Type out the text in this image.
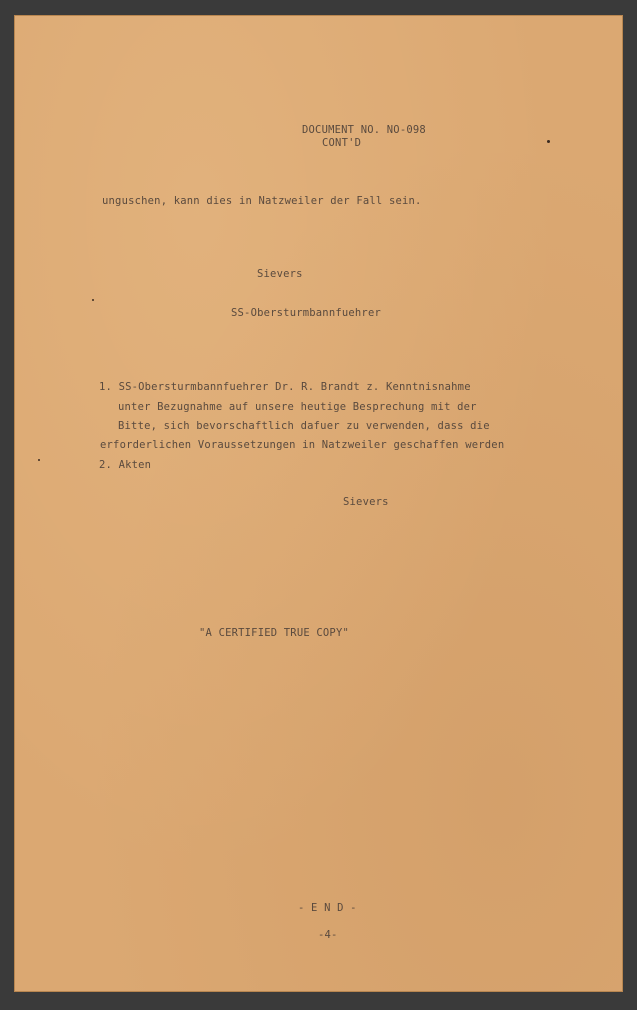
DOCUMENT NO. NO-098
CONT'D
unguschen, kann dies in Natzweiler der Fall sein.
Sievers
SS-Obersturmbannfuehrer
1. SS-Obersturmbannfuehrer Dr. R. Brandt z. Kenntnisnahme
unter Bezugnahme auf unsere heutige Besprechung mit der
Bitte, sich bevorschaftlich dafuer zu verwenden, dass die
erforderlichen Voraussetzungen in Natzweiler geschaffen werden
2. Akten
Sievers
"A CERTIFIED TRUE COPY"
- E N D -
-4-
